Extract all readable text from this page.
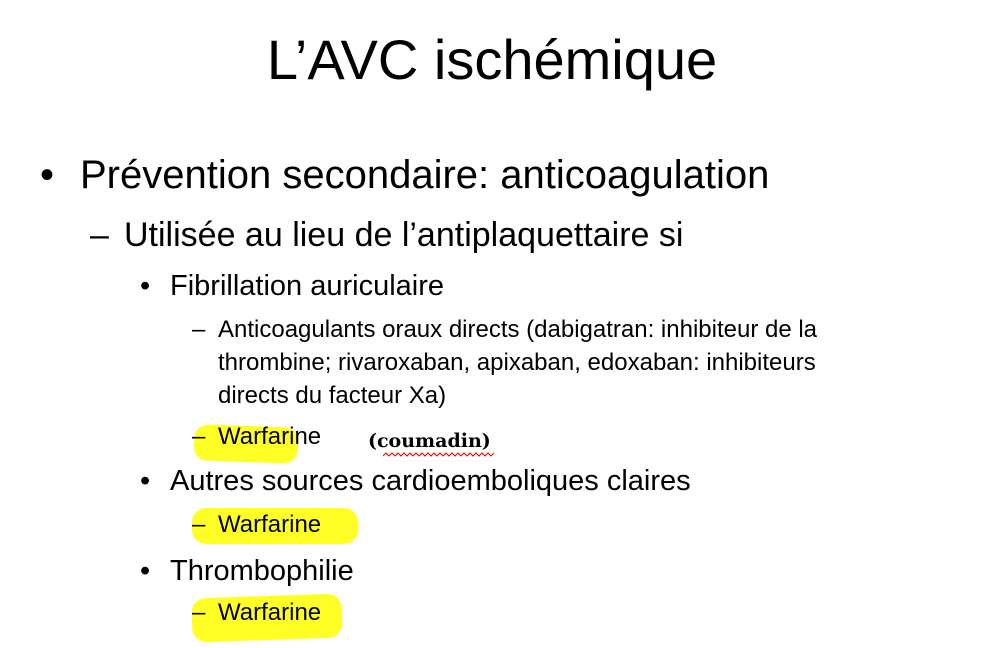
L’AVC ischémique
• Prévention secondaire: anticoagulation
– Utilisée au lieu de l’antiplaquettaire si
• Fibrillation auriculaire
– Anticoagulants oraux directs (dabigatran: inhibiteur de la
thrombine; rivaroxaban, apixaban, edoxaban: inhibiteurs
directs du facteur Xa)
– Warfarine (coumadin)
• Autres sources cardioemboliques claires
– Warfarine
• Thrombophilie
– Warfarine
